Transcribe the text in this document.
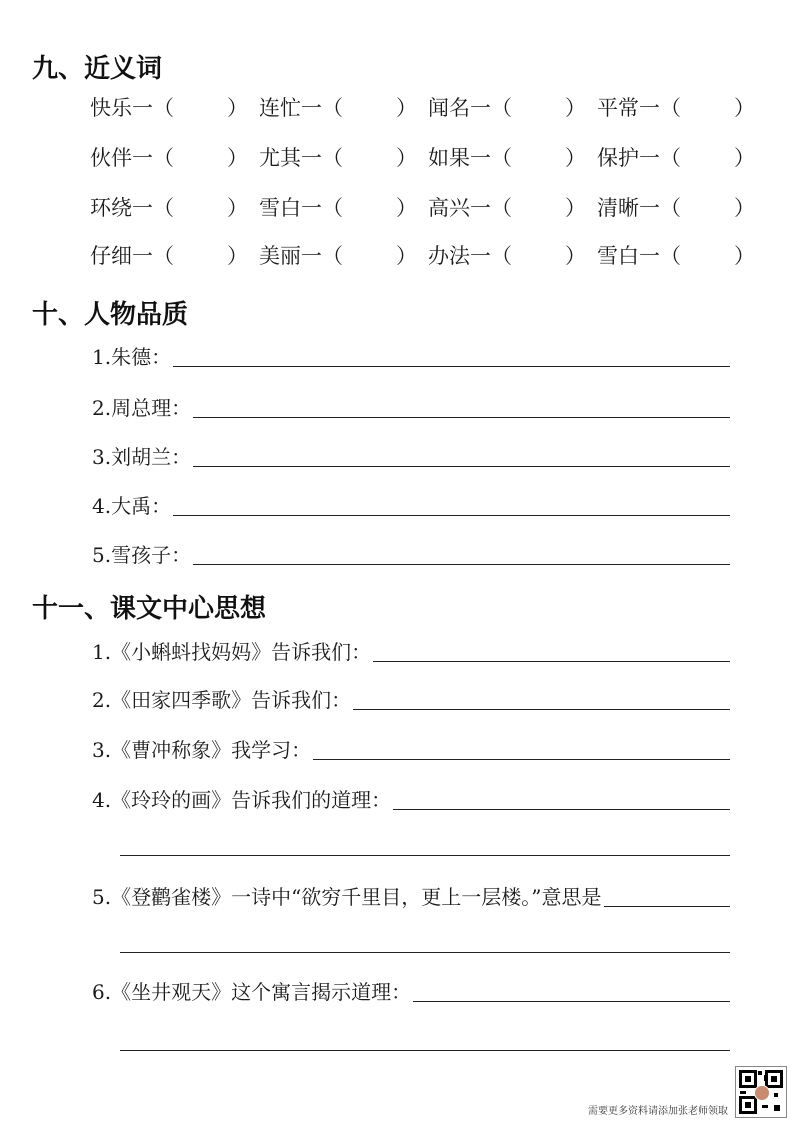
九、近义词
快乐一（	） 连忙一（	） 闻名一（	） 平常一（	）
伙伴一（	） 尤其一（	） 如果一（	） 保护一（	）
环绕一（	） 雪白一（	） 高兴一（	） 清晰一（	）
仔细一（	） 美丽一（	） 办法一（	） 雪白一（	）
十、人物品质
1.朱德：
2.周总理：
3.刘胡兰：
4.大禹：
5.雪孩子：
十一、课文中心思想
1.《小蝌蚪找妈妈》告诉我们：
2.《田家四季歌》告诉我们：
3.《曹冲称象》我学习：
4.《玲玲的画》告诉我们的道理：
5.《登鹳雀楼》一诗中“欲穷千里目，更上一层楼。”意思是
6.《坐井观天》这个寓言揭示道理：
需要更多资料请添加张老师领取
